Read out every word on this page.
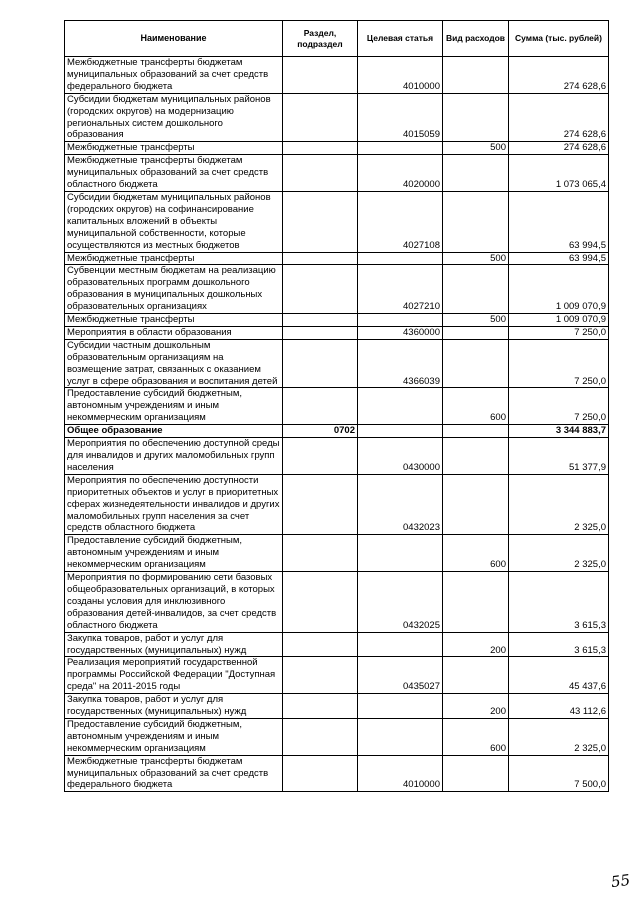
Наименование	Раздел, подраздел	Целевая статья	Вид расходов	Сумма (тыс. рублей)
Межбюджетные трансферты бюджетам муниципальных образований за счет средств федерального бюджета		4010000		274 628,6
Субсидии бюджетам муниципальных районов (городских округов) на модернизацию региональных систем дошкольного образования		4015059		274 628,6
Межбюджетные трансферты			500	274 628,6
Межбюджетные трансферты бюджетам муниципальных образований за счет средств областного бюджета		4020000		1 073 065,4
Субсидии бюджетам муниципальных районов (городских округов) на софинансирование капитальных вложений в объекты муниципальной собственности, которые осуществляются из местных бюджетов		4027108		63 994,5
Межбюджетные трансферты			500	63 994,5
Субвенции местным бюджетам на реализацию образовательных программ дошкольного образования в муниципальных дошкольных образовательных организациях		4027210		1 009 070,9
Межбюджетные трансферты			500	1 009 070,9
Мероприятия в области образования		4360000		7 250,0
Субсидии частным дошкольным образовательным организациям на возмещение затрат, связанных с оказанием услуг в сфере образования и воспитания детей		4366039		7 250,0
Предоставление субсидий бюджетным, автономным учреждениям и иным некоммерческим организациям			600	7 250,0
Общее образование	0702			3 344 883,7
Мероприятия по обеспечению доступной среды для инвалидов и других маломобильных групп населения		0430000		51 377,9
Мероприятия по обеспечению доступности приоритетных объектов и услуг в приоритетных сферах жизнедеятельности инвалидов и других маломобильных групп населения за счет средств областного бюджета		0432023		2 325,0
Предоставление субсидий бюджетным, автономным учреждениям и иным некоммерческим организациям			600	2 325,0
Мероприятия по формированию сети базовых общеобразовательных организаций, в которых созданы условия для инклюзивного образования детей-инвалидов, за счет средств областного бюджета		0432025		3 615,3
Закупка товаров, работ и услуг для государственных (муниципальных) нужд			200	3 615,3
Реализация мероприятий государственной программы Российской Федерации "Доступная среда" на 2011-2015 годы		0435027		45 437,6
Закупка товаров, работ и услуг для государственных (муниципальных) нужд			200	43 112,6
Предоставление субсидий бюджетным, автономным учреждениям и иным некоммерческим организациям			600	2 325,0
Межбюджетные трансферты бюджетам муниципальных образований за счет средств федерального бюджета		4010000		7 500,0
55
